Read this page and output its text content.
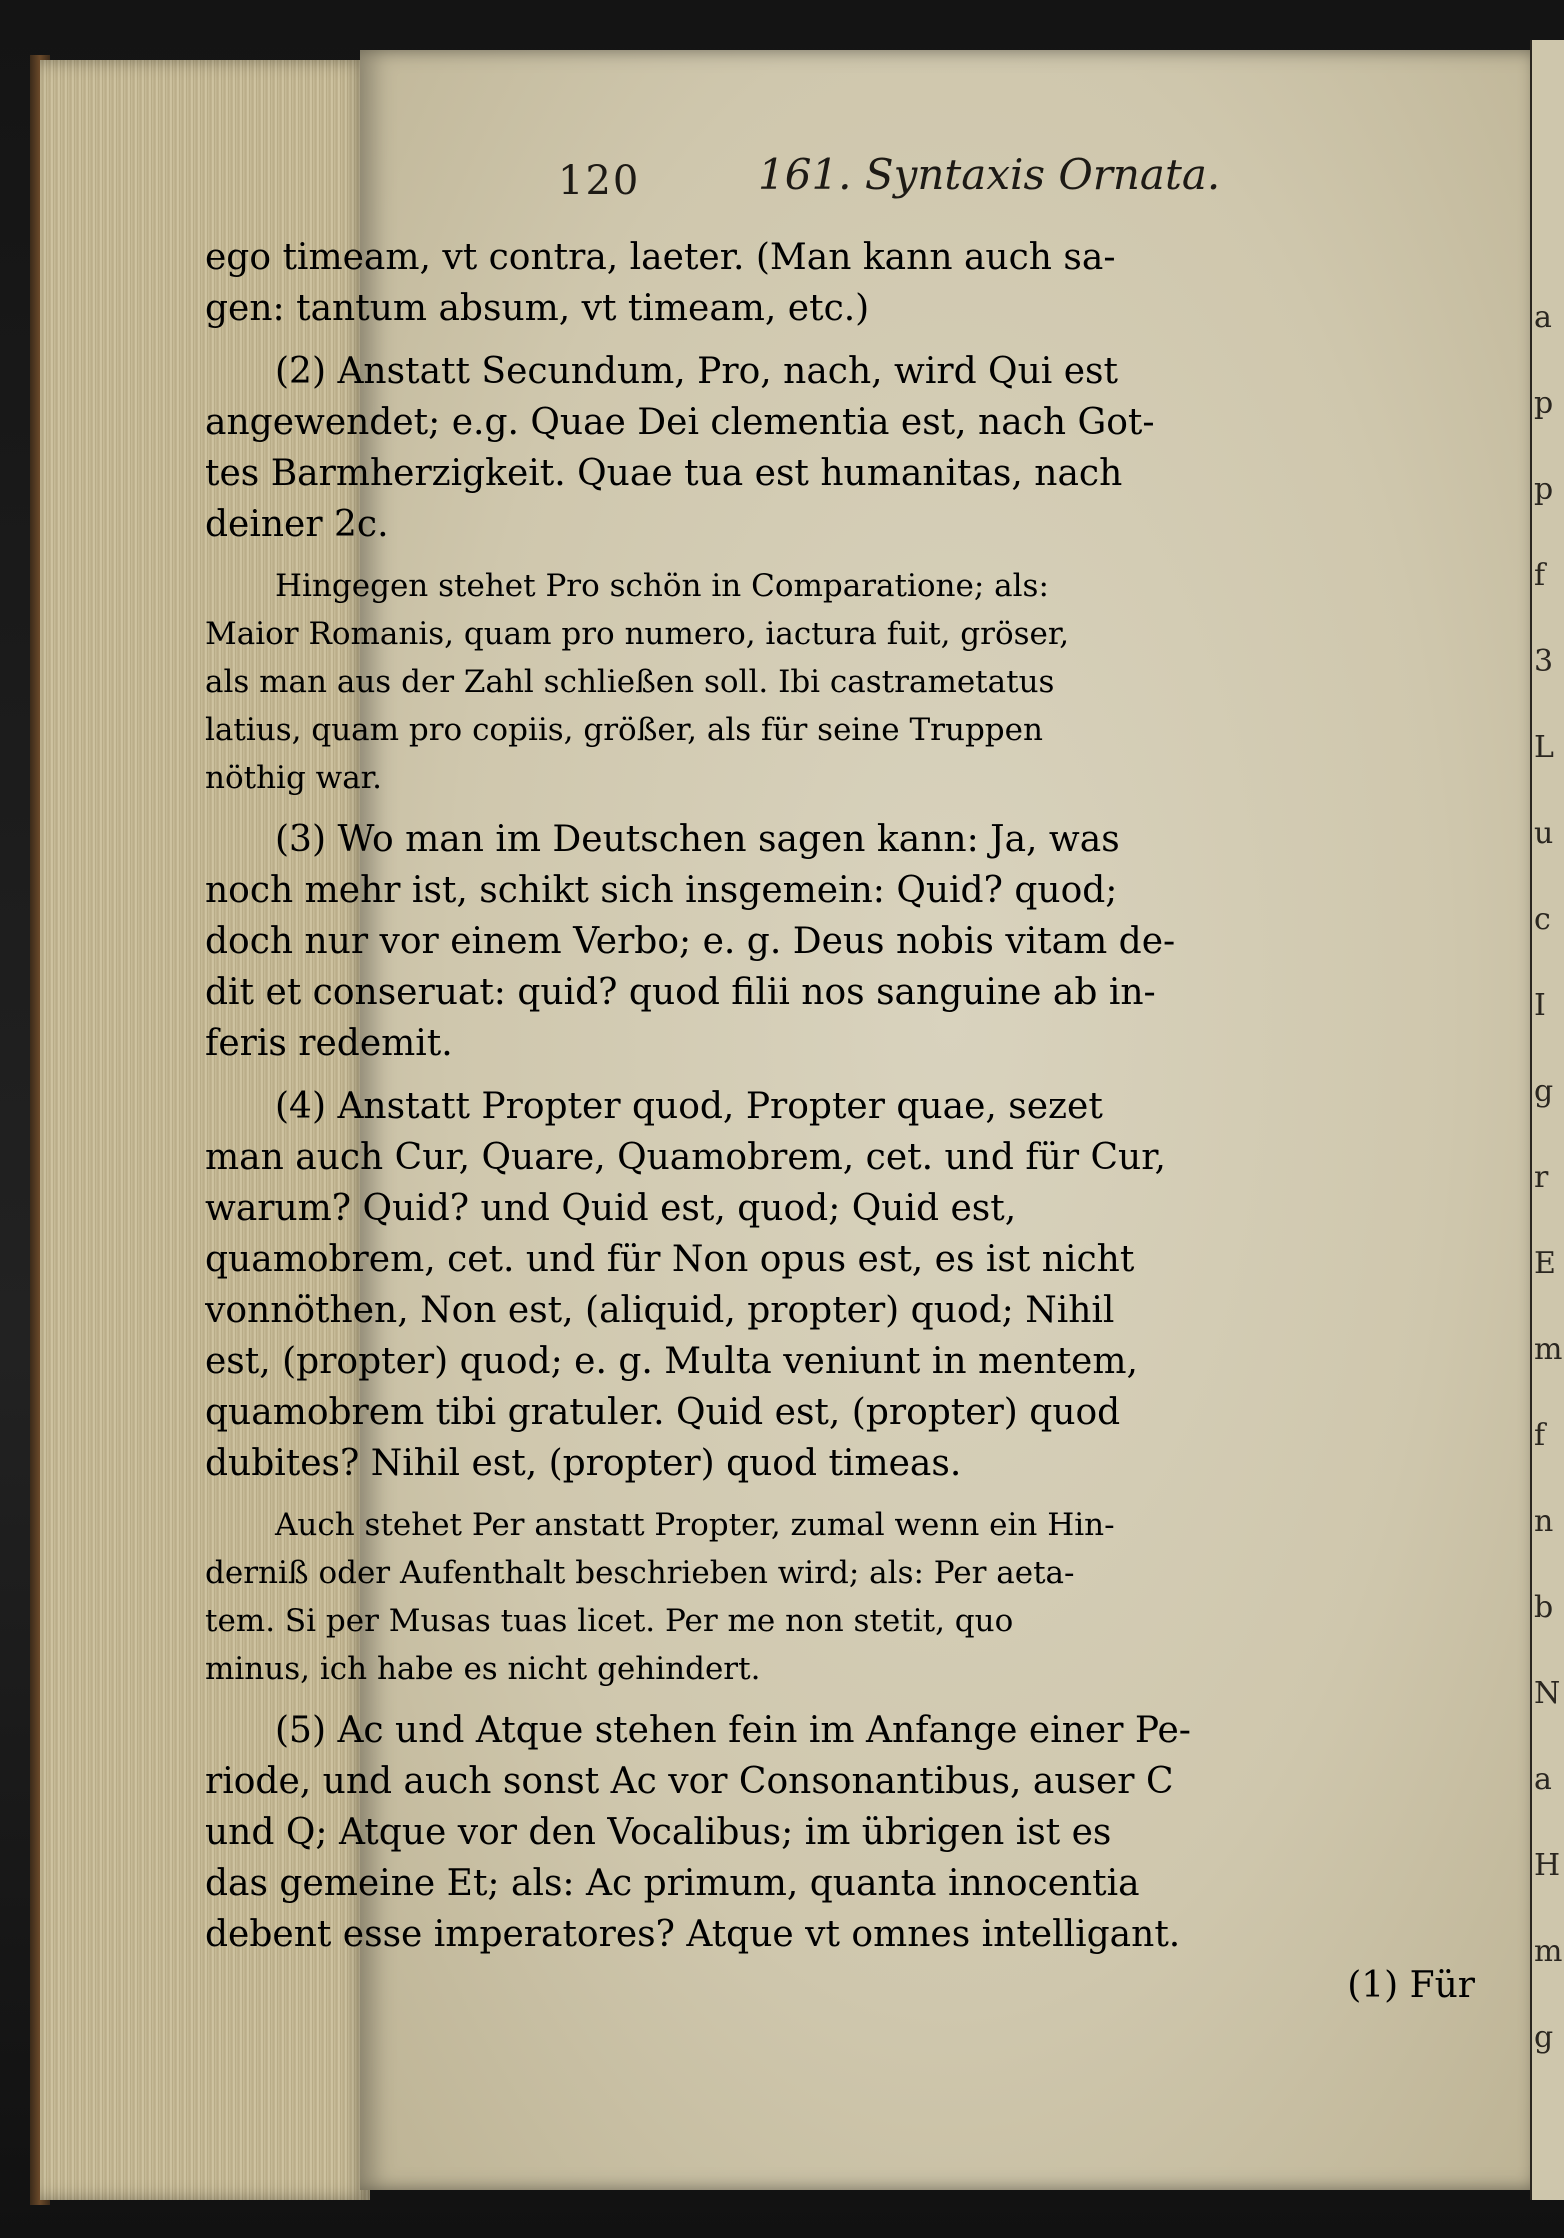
120	161. Syntaxis Ornata.
ego timeam, vt contra, laeter. (Man kann auch sa-
gen: tantum absum, vt timeam, etc.)
(2) Anstatt Secundum, Pro, nach, wird Qui est
angewendet; e.g. Quae Dei clementia est, nach Got-
tes Barmherzigkeit. Quae tua est humanitas, nach
deiner 2c.
Hingegen stehet Pro schön in Comparatione; als:
Maior Romanis, quam pro numero, iactura fuit, gröser,
als man aus der Zahl schließen soll. Ibi castrametatus
latius, quam pro copiis, größer, als für seine Truppen
nöthig war.
(3) Wo man im Deutschen sagen kann: Ja, was
noch mehr ist, schikt sich insgemein: Quid? quod;
doch nur vor einem Verbo; e. g. Deus nobis vitam de-
dit et conseruat: quid? quod filii nos sanguine ab in-
feris redemit.
(4) Anstatt Propter quod, Propter quae, sezet
man auch Cur, Quare, Quamobrem, cet. und für Cur,
warum? Quid? und Quid est, quod; Quid est,
quamobrem, cet. und für Non opus est, es ist nicht
vonnöthen, Non est, (aliquid, propter) quod; Nihil
est, (propter) quod; e. g. Multa veniunt in mentem,
quamobrem tibi gratuler. Quid est, (propter) quod
dubites? Nihil est, (propter) quod timeas.
Auch stehet Per anstatt Propter, zumal wenn ein Hin-
derniß oder Aufenthalt beschrieben wird; als: Per aeta-
tem. Si per Musas tuas licet. Per me non stetit, quo
minus, ich habe es nicht gehindert.
(5) Ac und Atque stehen fein im Anfange einer Pe-
riode, und auch sonst Ac vor Consonantibus, auser C
und Q; Atque vor den Vocalibus; im übrigen ist es
das gemeine Et; als: Ac primum, quanta innocentia
debent esse imperatores? Atque vt omnes intelligant.
(1) Für
a
p
p
f
3
L
u
c
I
g
r
E
m
f
n
b
N
a
H
m
g
